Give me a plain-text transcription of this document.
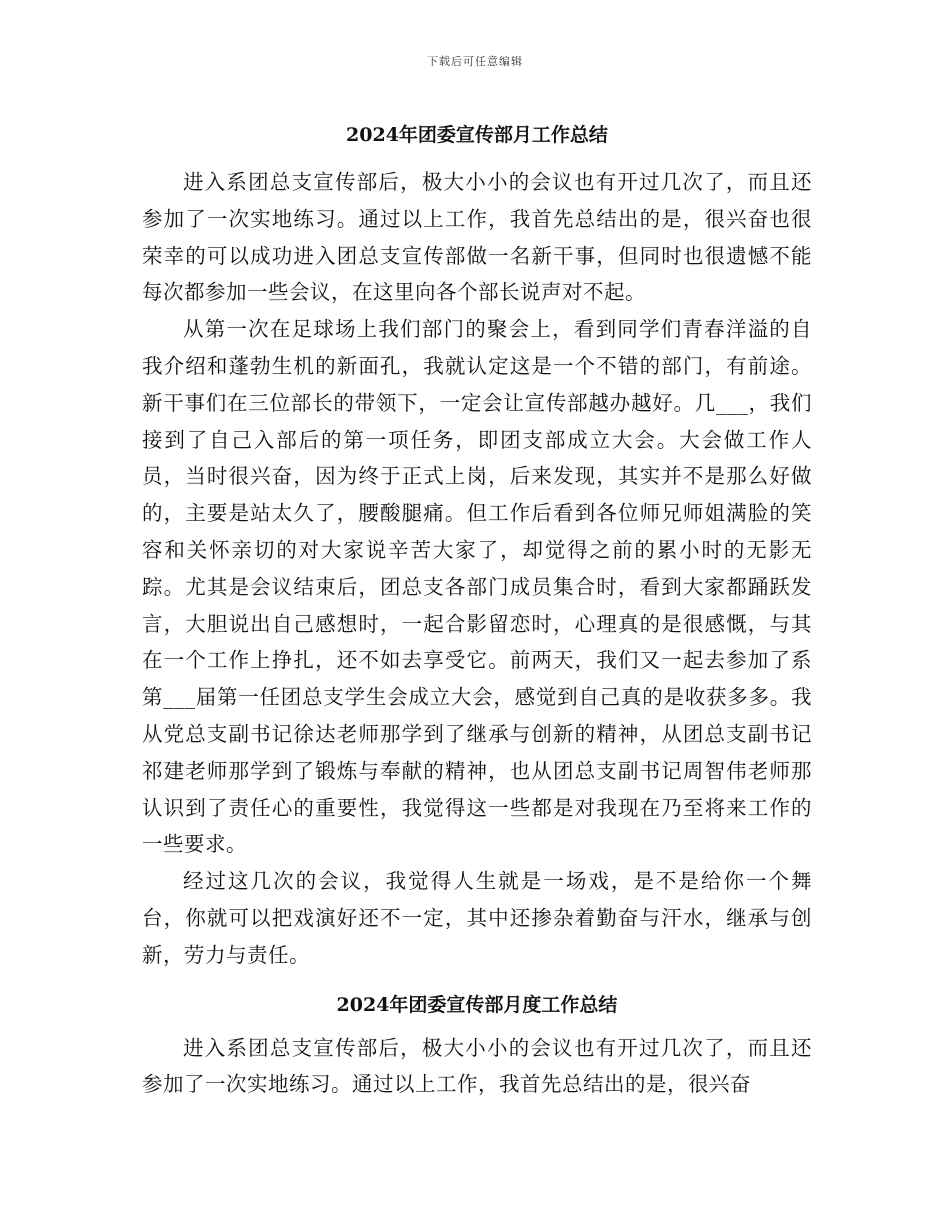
下载后可任意编辑
2024年团委宣传部月工作总结

进入系团总支宣传部后，极大小小的会议也有开过几次了，而且还参加了一次实地练习。通过以上工作，我首先总结出的是，很兴奋也很荣幸的可以成功进入团总支宣传部做一名新干事，但同时也很遗憾不能每次都参加一些会议，在这里向各个部长说声对不起。

从第一次在足球场上我们部门的聚会上，看到同学们青春洋溢的自我介绍和蓬勃生机的新面孔，我就认定这是一个不错的部门，有前途。新干事们在三位部长的带领下，一定会让宣传部越办越好。几___，我们接到了自己入部后的第一项任务，即团支部成立大会。大会做工作人员，当时很兴奋，因为终于正式上岗，后来发现，其实并不是那么好做的，主要是站太久了，腰酸腿痛。但工作后看到各位师兄师姐满脸的笑容和关怀亲切的对大家说辛苦大家了，却觉得之前的累小时的无影无踪。尤其是会议结束后，团总支各部门成员集合时，看到大家都踊跃发言，大胆说出自己感想时，一起合影留恋时，心理真的是很感慨，与其在一个工作上挣扎，还不如去享受它。前两天，我们又一起去参加了系第___届第一任团总支学生会成立大会，感觉到自己真的是收获多多。我从党总支副书记徐达老师那学到了继承与创新的精神，从团总支副书记祁建老师那学到了锻炼与奉献的精神，也从团总支副书记周智伟老师那认识到了责任心的重要性，我觉得这一些都是对我现在乃至将来工作的一些要求。

经过这几次的会议，我觉得人生就是一场戏，是不是给你一个舞台，你就可以把戏演好还不一定，其中还掺杂着勤奋与汗水，继承与创新，劳力与责任。

2024年团委宣传部月度工作总结

进入系团总支宣传部后，极大小小的会议也有开过几次了，而且还参加了一次实地练习。通过以上工作，我首先总结出的是，很兴奋
